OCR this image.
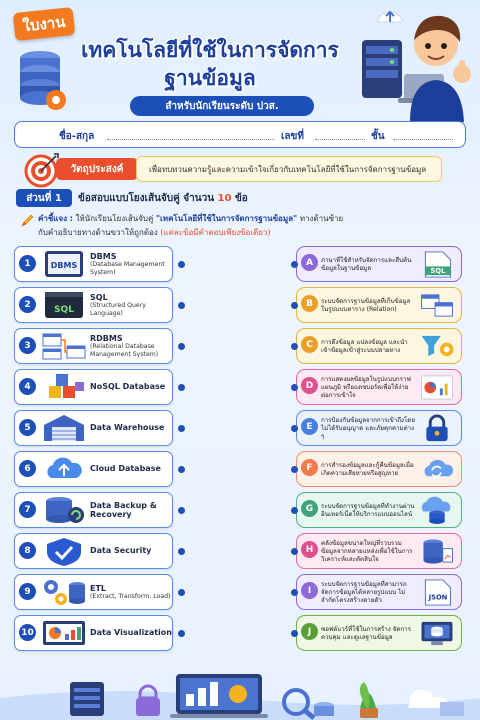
ใบงาน
เทคโนโลยีที่ใช้ในการจัดการ
ฐานข้อมูล
สำหรับนักเรียนระดับ ปวส.
ชื่อ-สกุล	เลขที่	ชั้น
วัตถุประสงค์	เพื่อทบทวนความรู้และความเข้าใจเกี่ยวกับเทคโนโลยีที่ใช้ในการจัดการฐานข้อมูล
ส่วนที่ 1	ข้อสอบแบบโยงเส้นจับคู่ จำนวน 10 ข้อ
คำชี้แจง : ให้นักเรียนโยงเส้นจับคู่ "เทคโนโลยีที่ใช้ในการจัดการฐานข้อมูล" ทางด้านซ้าย
กับคำอธิบายทางด้านขวาให้ถูกต้อง (แต่ละข้อมีคำตอบเพียงข้อเดียว)
1	DBMS
DBMS
(Database Management System)
2
SQL
SQL
(Structured Query Language)
3
RDBMS
(Relational Database Management System)
4	NoSQL Database
5	Data Warehouse
6	Cloud Database
7	Data Backup & Recovery
8	Data Security
9	ETL
(Extract, Transform, Load)
10	Data Visualization
A	ภาษาที่ใช้สำหรับจัดการและสืบค้นข้อมูลในฐานข้อมูล	SQL
B	ระบบจัดการฐานข้อมูลที่เก็บข้อมูลในรูปแบบตาราง (Relation)
C	การดึงข้อมูล แปลงข้อมูล และนำเข้าข้อมูลเข้าสู่ระบบปลายทาง
D
การแสดงผลข้อมูลในรูปแบบกราฟ แผนภูมิ หรือแดชบอร์ดเพื่อให้ง่ายต่อการเข้าใจ
E
การป้องกันข้อมูลจากการเข้าถึงโดยไม่ได้รับอนุญาต และภัยคุกคามต่าง ๆ
F	การสำรองข้อมูลและกู้คืนข้อมูลเมื่อเกิดความเสียหายหรือสูญหาย
G	ระบบจัดการฐานข้อมูลที่ทำงานผ่านอินเทอร์เน็ตให้บริการแบบออนไลน์
H
คลังข้อมูลขนาดใหญ่ที่รวบรวมข้อมูลจากหลายแหล่งเพื่อใช้ในการวิเคราะห์และตัดสินใจ
I
ระบบจัดการฐานข้อมูลที่สามารถจัดการข้อมูลได้หลายรูปแบบ ไม่จำกัดโครงสร้างตายตัว	JSON
J	ซอฟต์แวร์ที่ใช้ในการสร้าง จัดการ ควบคุม และดูแลฐานข้อมูล
